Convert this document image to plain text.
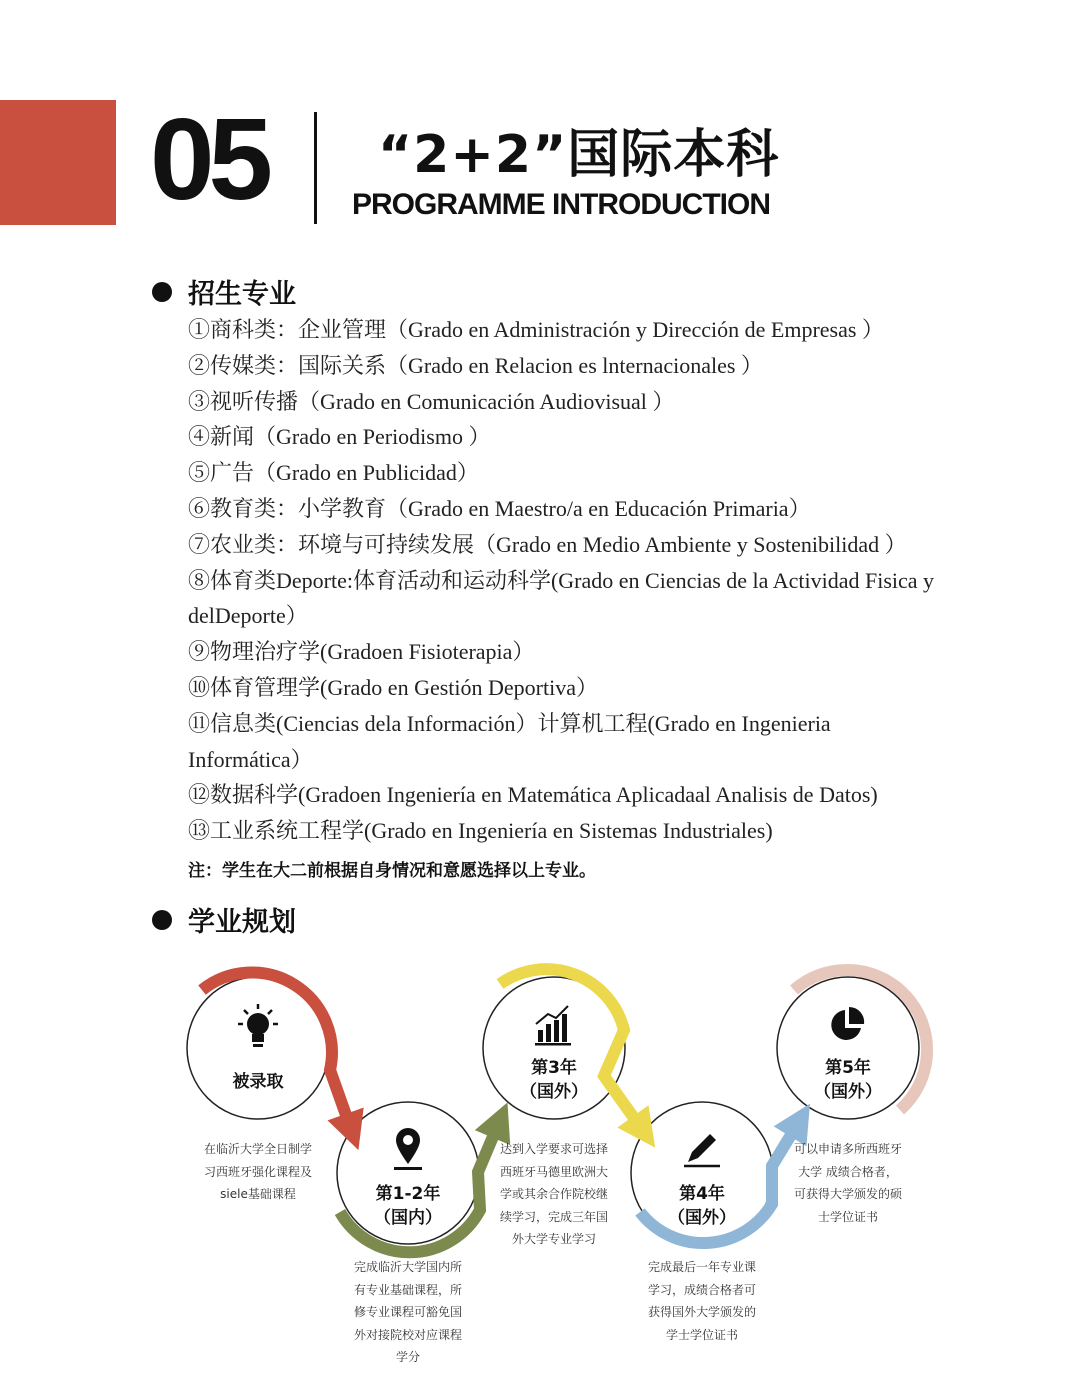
05 “2+2”国际本科
PROGRAMME INTRODUCTION
招生专业
①商科类：企业管理（Grado en Administración y Dirección de Empresas ）
②传媒类：国际关系（Grado en Relacion es lnternacionales ）
③视听传播（Grado en Comunicación Audiovisual ）
④新闻（Grado en Periodismo ）
⑤广告（Grado en Publicidad）
⑥教育类：小学教育（Grado en Maestro/a en Educación Primaria）
⑦农业类：环境与可持续发展（Grado en Medio Ambiente y Sostenibilidad ）
⑧体育类Deporte:体育活动和运动科学(Grado en Ciencias de la Actividad Fisica y
delDeporte）
⑨物理治疗学(Gradoen Fisioterapia）
⑩体育管理学(Grado en Gestión Deportiva）
⑪信息类(Ciencias dela Información）计算机工程(Grado en Ingenieria
Informática）
⑫数据科学(Gradoen Ingeniería en Matemática Aplicadaal Analisis de Datos)
⑬工业系统工程学(Grado en Ingeniería en Sistemas Industriales)
注：学生在大二前根据自身情况和意愿选择以上专业。
学业规划
被录取
第1-2年
（国内）
第3年
（国外）
第4年
（国外）
第5年
（国外）
在临沂大学全日制学
习西班牙强化课程及
siele基础课程
完成临沂大学国内所
有专业基础课程，所
修专业课程可豁免国
外对接院校对应课程
学分
达到入学要求可选择
西班牙马德里欧洲大
学或其余合作院校继
续学习，完成三年国
外大学专业学习
完成最后一年专业课
学习，成绩合格者可
获得国外大学颁发的
学士学位证书
可以申请多所西班牙
大学 成绩合格者，
可获得大学颁发的硕
士学位证书
